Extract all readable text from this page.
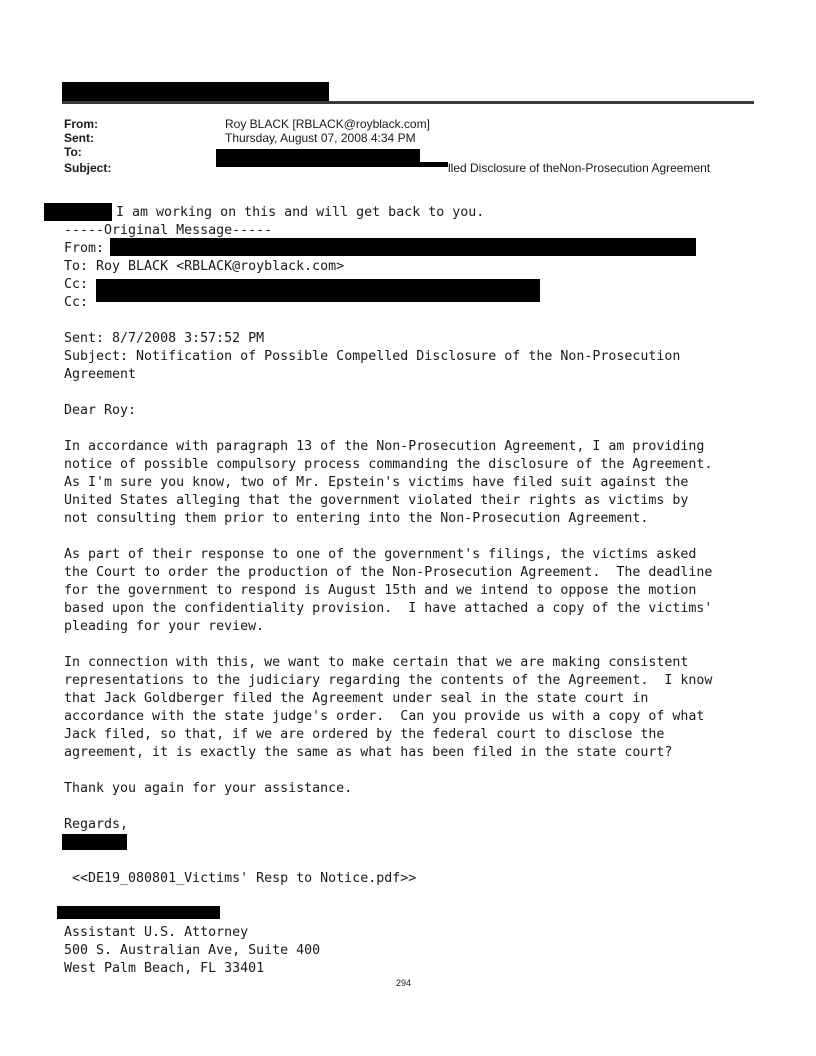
From:	Roy BLACK [RBLACK@royblack.com]
Sent:	Thursday, August 07, 2008 4:34 PM
To:
Subject:	lled Disclosure of theNon-Prosecution Agreement
I am working on this and will get back to you.
-----Original Message-----
From:
To: Roy BLACK <RBLACK@royblack.com>
Cc:
Cc:
Sent: 8/7/2008 3:57:52 PM
Subject: Notification of Possible Compelled Disclosure of the Non-Prosecution
Agreement
Dear Roy:
In accordance with paragraph 13 of the Non-Prosecution Agreement, I am providing
notice of possible compulsory process commanding the disclosure of the Agreement.
As I'm sure you know, two of Mr. Epstein's victims have filed suit against the
United States alleging that the government violated their rights as victims by
not consulting them prior to entering into the Non-Prosecution Agreement.
As part of their response to one of the government's filings, the victims asked
the Court to order the production of the Non-Prosecution Agreement.  The deadline
for the government to respond is August 15th and we intend to oppose the motion
based upon the confidentiality provision.  I have attached a copy of the victims'
pleading for your review.
In connection with this, we want to make certain that we are making consistent
representations to the judiciary regarding the contents of the Agreement.  I know
that Jack Goldberger filed the Agreement under seal in the state court in
accordance with the state judge's order.  Can you provide us with a copy of what
Jack filed, so that, if we are ordered by the federal court to disclose the
agreement, it is exactly the same as what has been filed in the state court?
Thank you again for your assistance.
Regards,
<<DE19_080801_Victims' Resp to Notice.pdf>>
Assistant U.S. Attorney
500 S. Australian Ave, Suite 400
West Palm Beach, FL 33401
294
